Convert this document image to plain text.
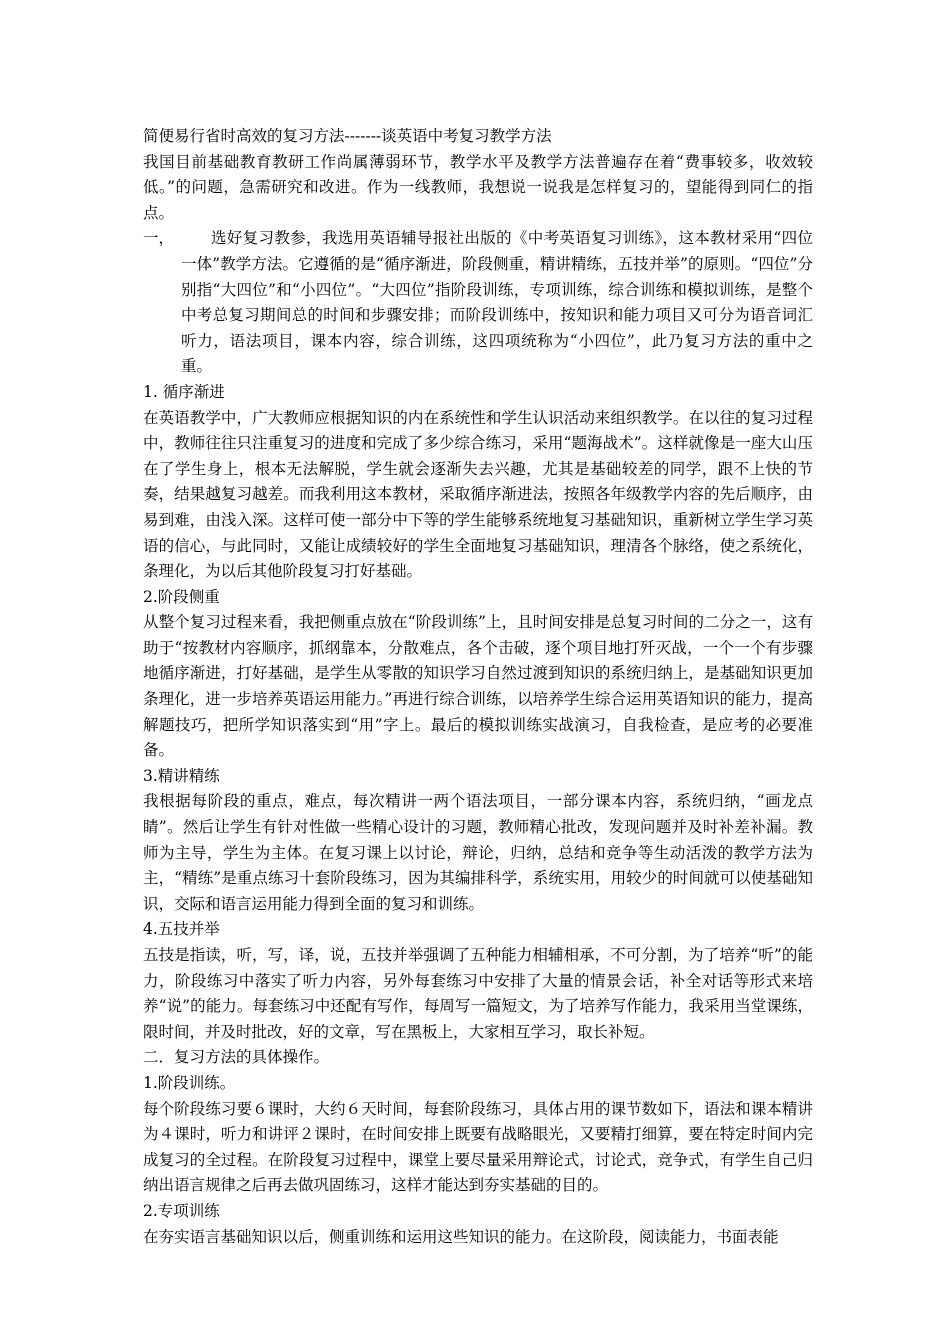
简便易行省时高效的复习方法-------谈英语中考复习教学方法

我国目前基础教育教研工作尚属薄弱环节，教学水平及教学方法普遍存在着“费事较多，收效较低。”的问题，急需研究和改进。作为一线教师，我想说一说我是怎样复习的，望能得到同仁的指点。

一，	选好复习教参，我选用英语辅导报社出版的《中考英语复习训练》，这本教材采用“四位一体”教学方法。它遵循的是“循序渐进，阶段侧重，精讲精练，五技并举”的原则。“四位”分别指“大四位”和“小四位”。“大四位”指阶段训练，专项训练，综合训练和模拟训练，是整个中考总复习期间总的时间和步骤安排；而阶段训练中，按知识和能力项目又可分为语音词汇听力，语法项目，课本内容，综合训练，这四项统称为“小四位”，此乃复习方法的重中之重。

1. 循序渐进

在英语教学中，广大教师应根据知识的内在系统性和学生认识活动来组织教学。在以往的复习过程中，教师往往只注重复习的进度和完成了多少综合练习，采用“题海战术”。这样就像是一座大山压在了学生身上，根本无法解脱，学生就会逐渐失去兴趣，尤其是基础较差的同学，跟不上快的节奏，结果越复习越差。而我利用这本教材，采取循序渐进法，按照各年级教学内容的先后顺序，由易到难，由浅入深。这样可使一部分中下等的学生能够系统地复习基础知识，重新树立学生学习英语的信心，与此同时，又能让成绩较好的学生全面地复习基础知识，理清各个脉络，使之系统化，条理化，为以后其他阶段复习打好基础。

2.阶段侧重

从整个复习过程来看，我把侧重点放在“阶段训练”上，且时间安排是总复习时间的二分之一，这有助于“按教材内容顺序，抓纲靠本，分散难点，各个击破，逐个项目地打歼灭战，一个一个有步骤地循序渐进，打好基础，是学生从零散的知识学习自然过渡到知识的系统归纳上，是基础知识更加条理化，进一步培养英语运用能力。”再进行综合训练，以培养学生综合运用英语知识的能力，提高解题技巧，把所学知识落实到“用”字上。最后的模拟训练实战演习，自我检查，是应考的必要准备。

3.精讲精练

我根据每阶段的重点，难点，每次精讲一两个语法项目，一部分课本内容，系统归纳，“画龙点睛”。然后让学生有针对性做一些精心设计的习题，教师精心批改，发现问题并及时补差补漏。教师为主导，学生为主体。在复习课上以讨论，辩论，归纳，总结和竞争等生动活泼的教学方法为主，“精练”是重点练习十套阶段练习，因为其编排科学，系统实用，用较少的时间就可以使基础知识，交际和语言运用能力得到全面的复习和训练。

4.五技并举

五技是指读，听，写，译，说，五技并举强调了五种能力相辅相承，不可分割，为了培养“听”的能力，阶段练习中落实了听力内容，另外每套练习中安排了大量的情景会话，补全对话等形式来培养“说”的能力。每套练习中还配有写作，每周写一篇短文，为了培养写作能力，我采用当堂课练，限时间，并及时批改，好的文章，写在黑板上，大家相互学习，取长补短。

二．复习方法的具体操作。

1.阶段训练。

每个阶段练习要６课时，大约６天时间，每套阶段练习，具体占用的课节数如下，语法和课本精讲为４课时，听力和讲评２课时，在时间安排上既要有战略眼光，又要精打细算，要在特定时间内完成复习的全过程。在阶段复习过程中，课堂上要尽量采用辩论式，讨论式，竞争式，有学生自己归纳出语言规律之后再去做巩固练习，这样才能达到夯实基础的目的。

2.专项训练

在夯实语言基础知识以后，侧重训练和运用这些知识的能力。在这阶段，阅读能力，书面表能
